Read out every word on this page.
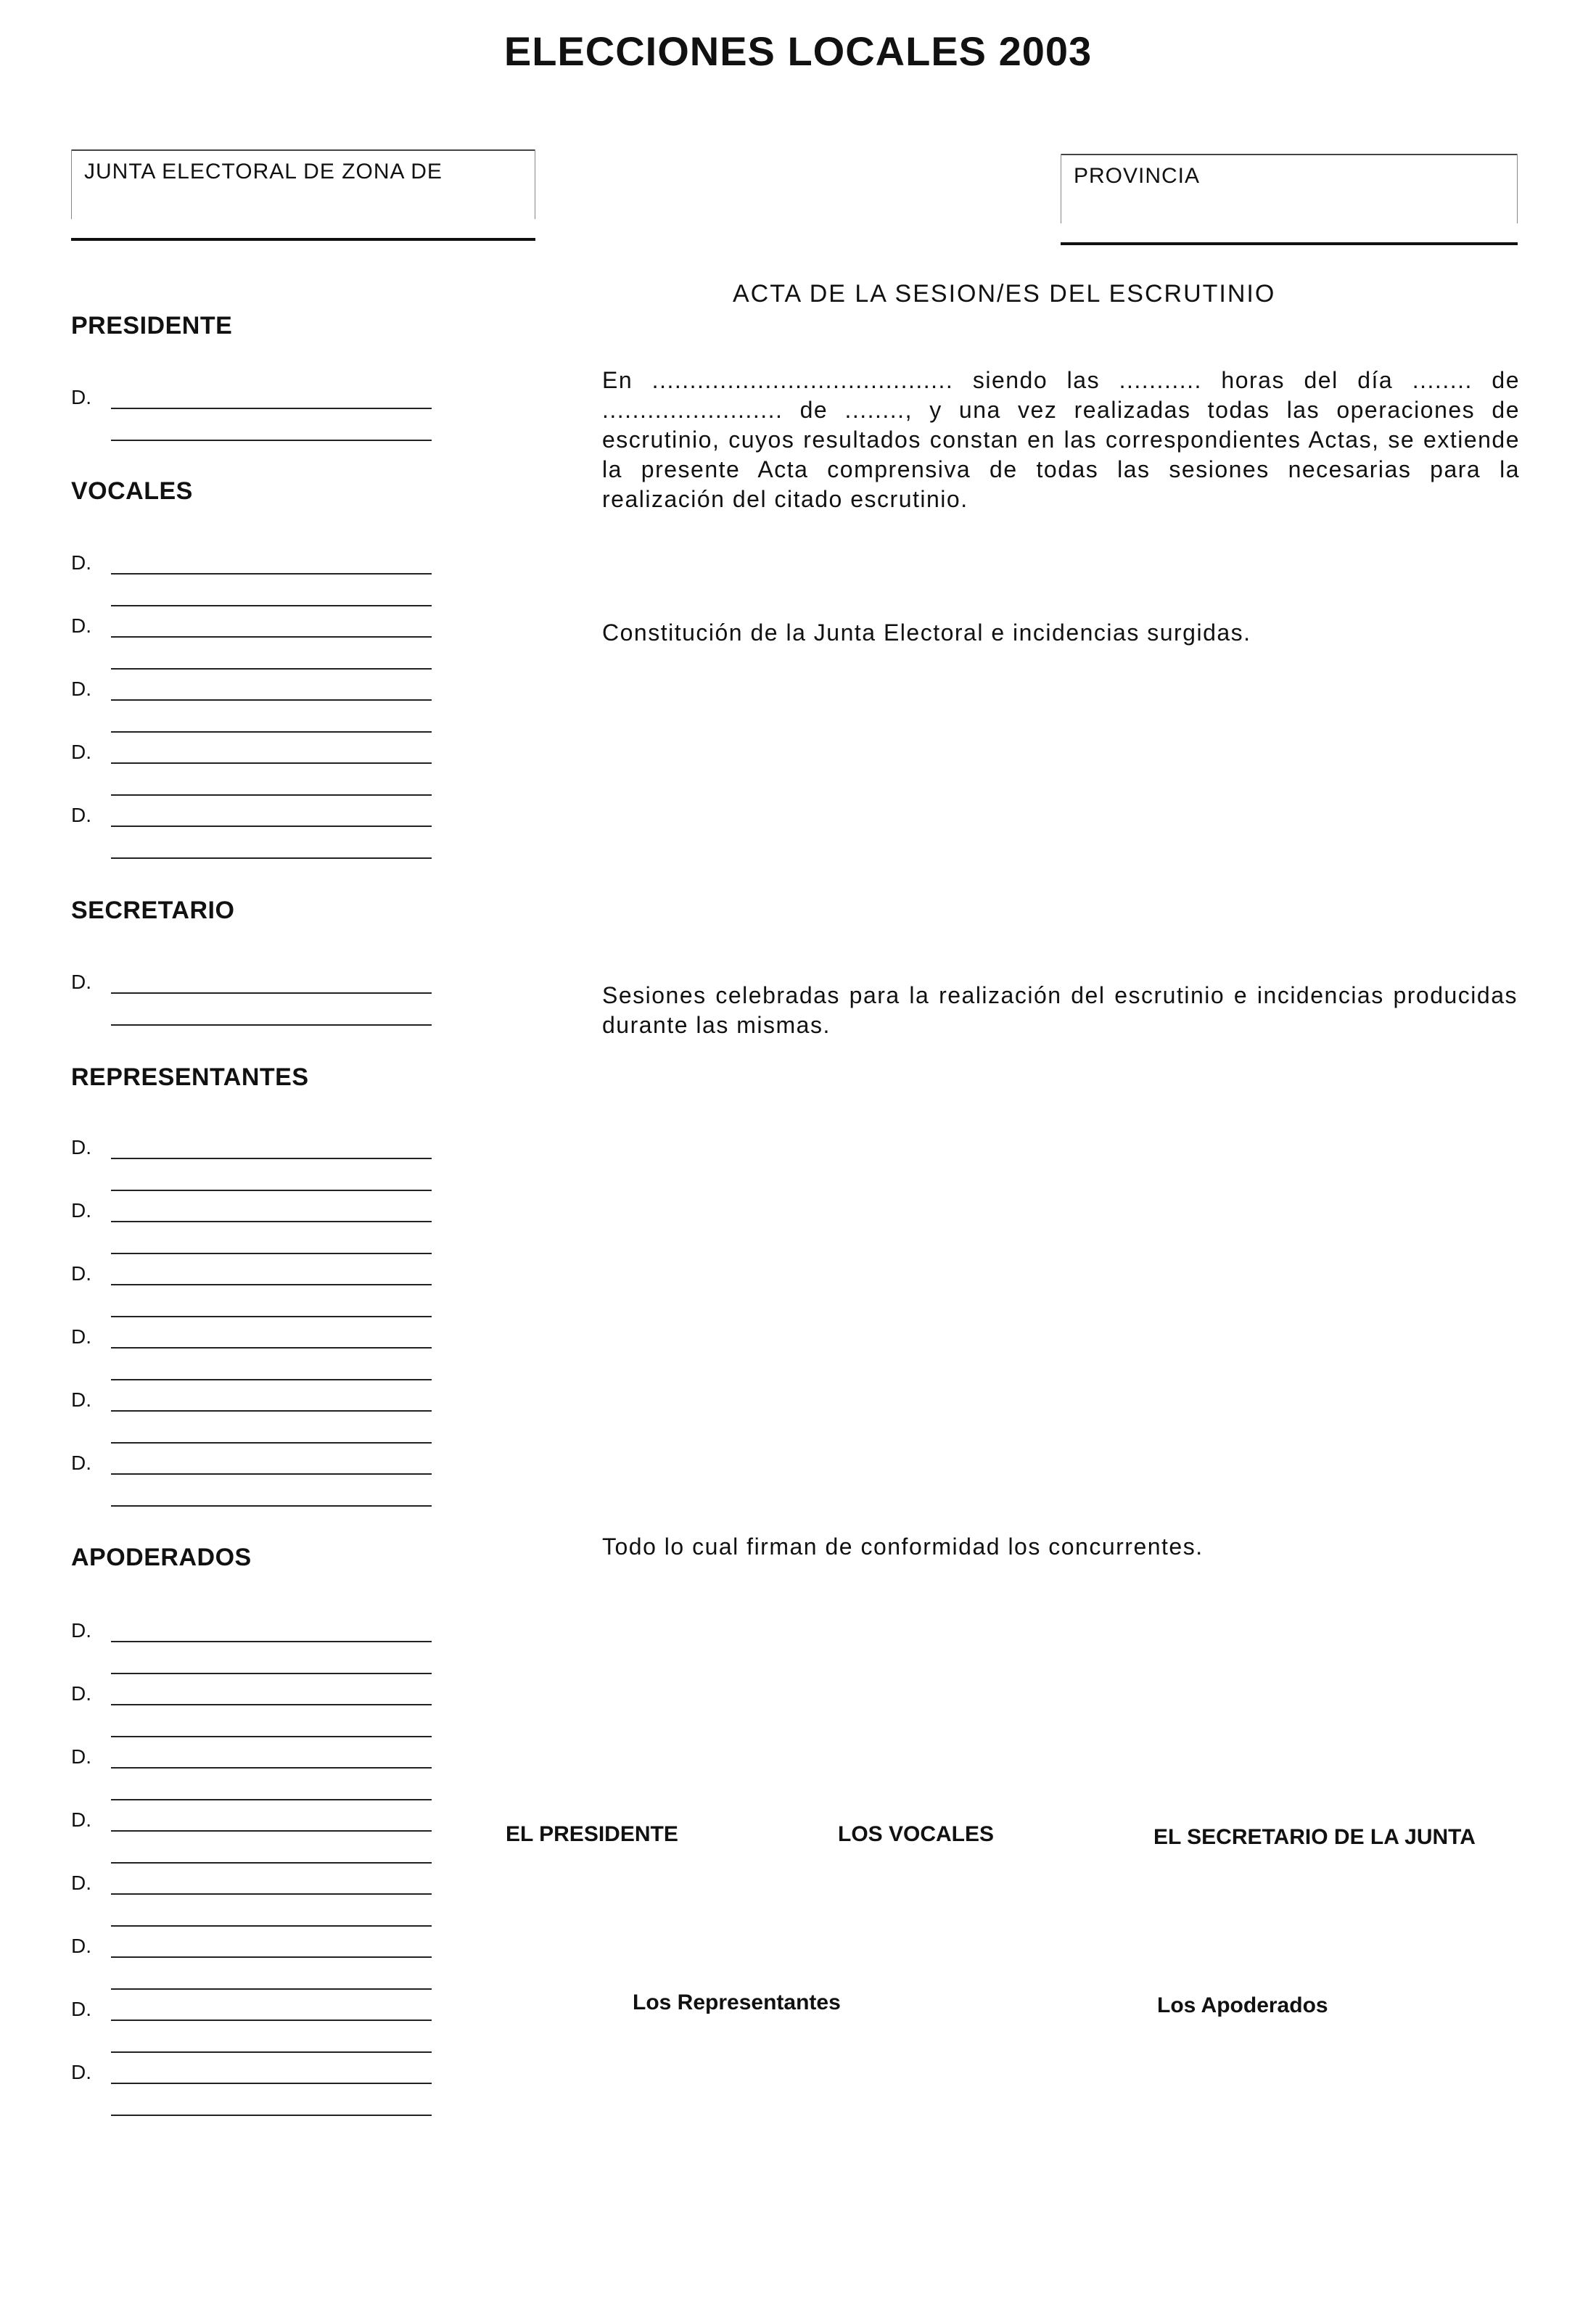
ELECCIONES LOCALES 2003
JUNTA ELECTORAL DE ZONA DE	PROVINCIA
ACTA DE LA SESION/ES DEL ESCRUTINIO
PRESIDENTE
D.
VOCALES
D.
D.
D.
D.
D.
SECRETARIO
D.
REPRESENTANTES
D.
D.
D.
D.
D.
D.
APODERADOS
D.
D.
D.
D.
D.
D.
D.
D.
En ........................................ siendo las ........... horas del día ........ de ........................ de ........, y una vez realizadas todas las operaciones de escrutinio, cuyos resultados constan en las correspondientes Actas, se extiende la presente Acta comprensiva de todas las sesiones necesarias para la realización del citado escrutinio.
Constitución de la Junta Electoral e incidencias surgidas.
Sesiones celebradas para la realización del escrutinio e incidencias producidas durante las mismas.
Todo lo cual firman de conformidad los concurrentes.
EL PRESIDENTE	LOS VOCALES	EL SECRETARIO DE LA JUNTA
Los Representantes	Los Apoderados
